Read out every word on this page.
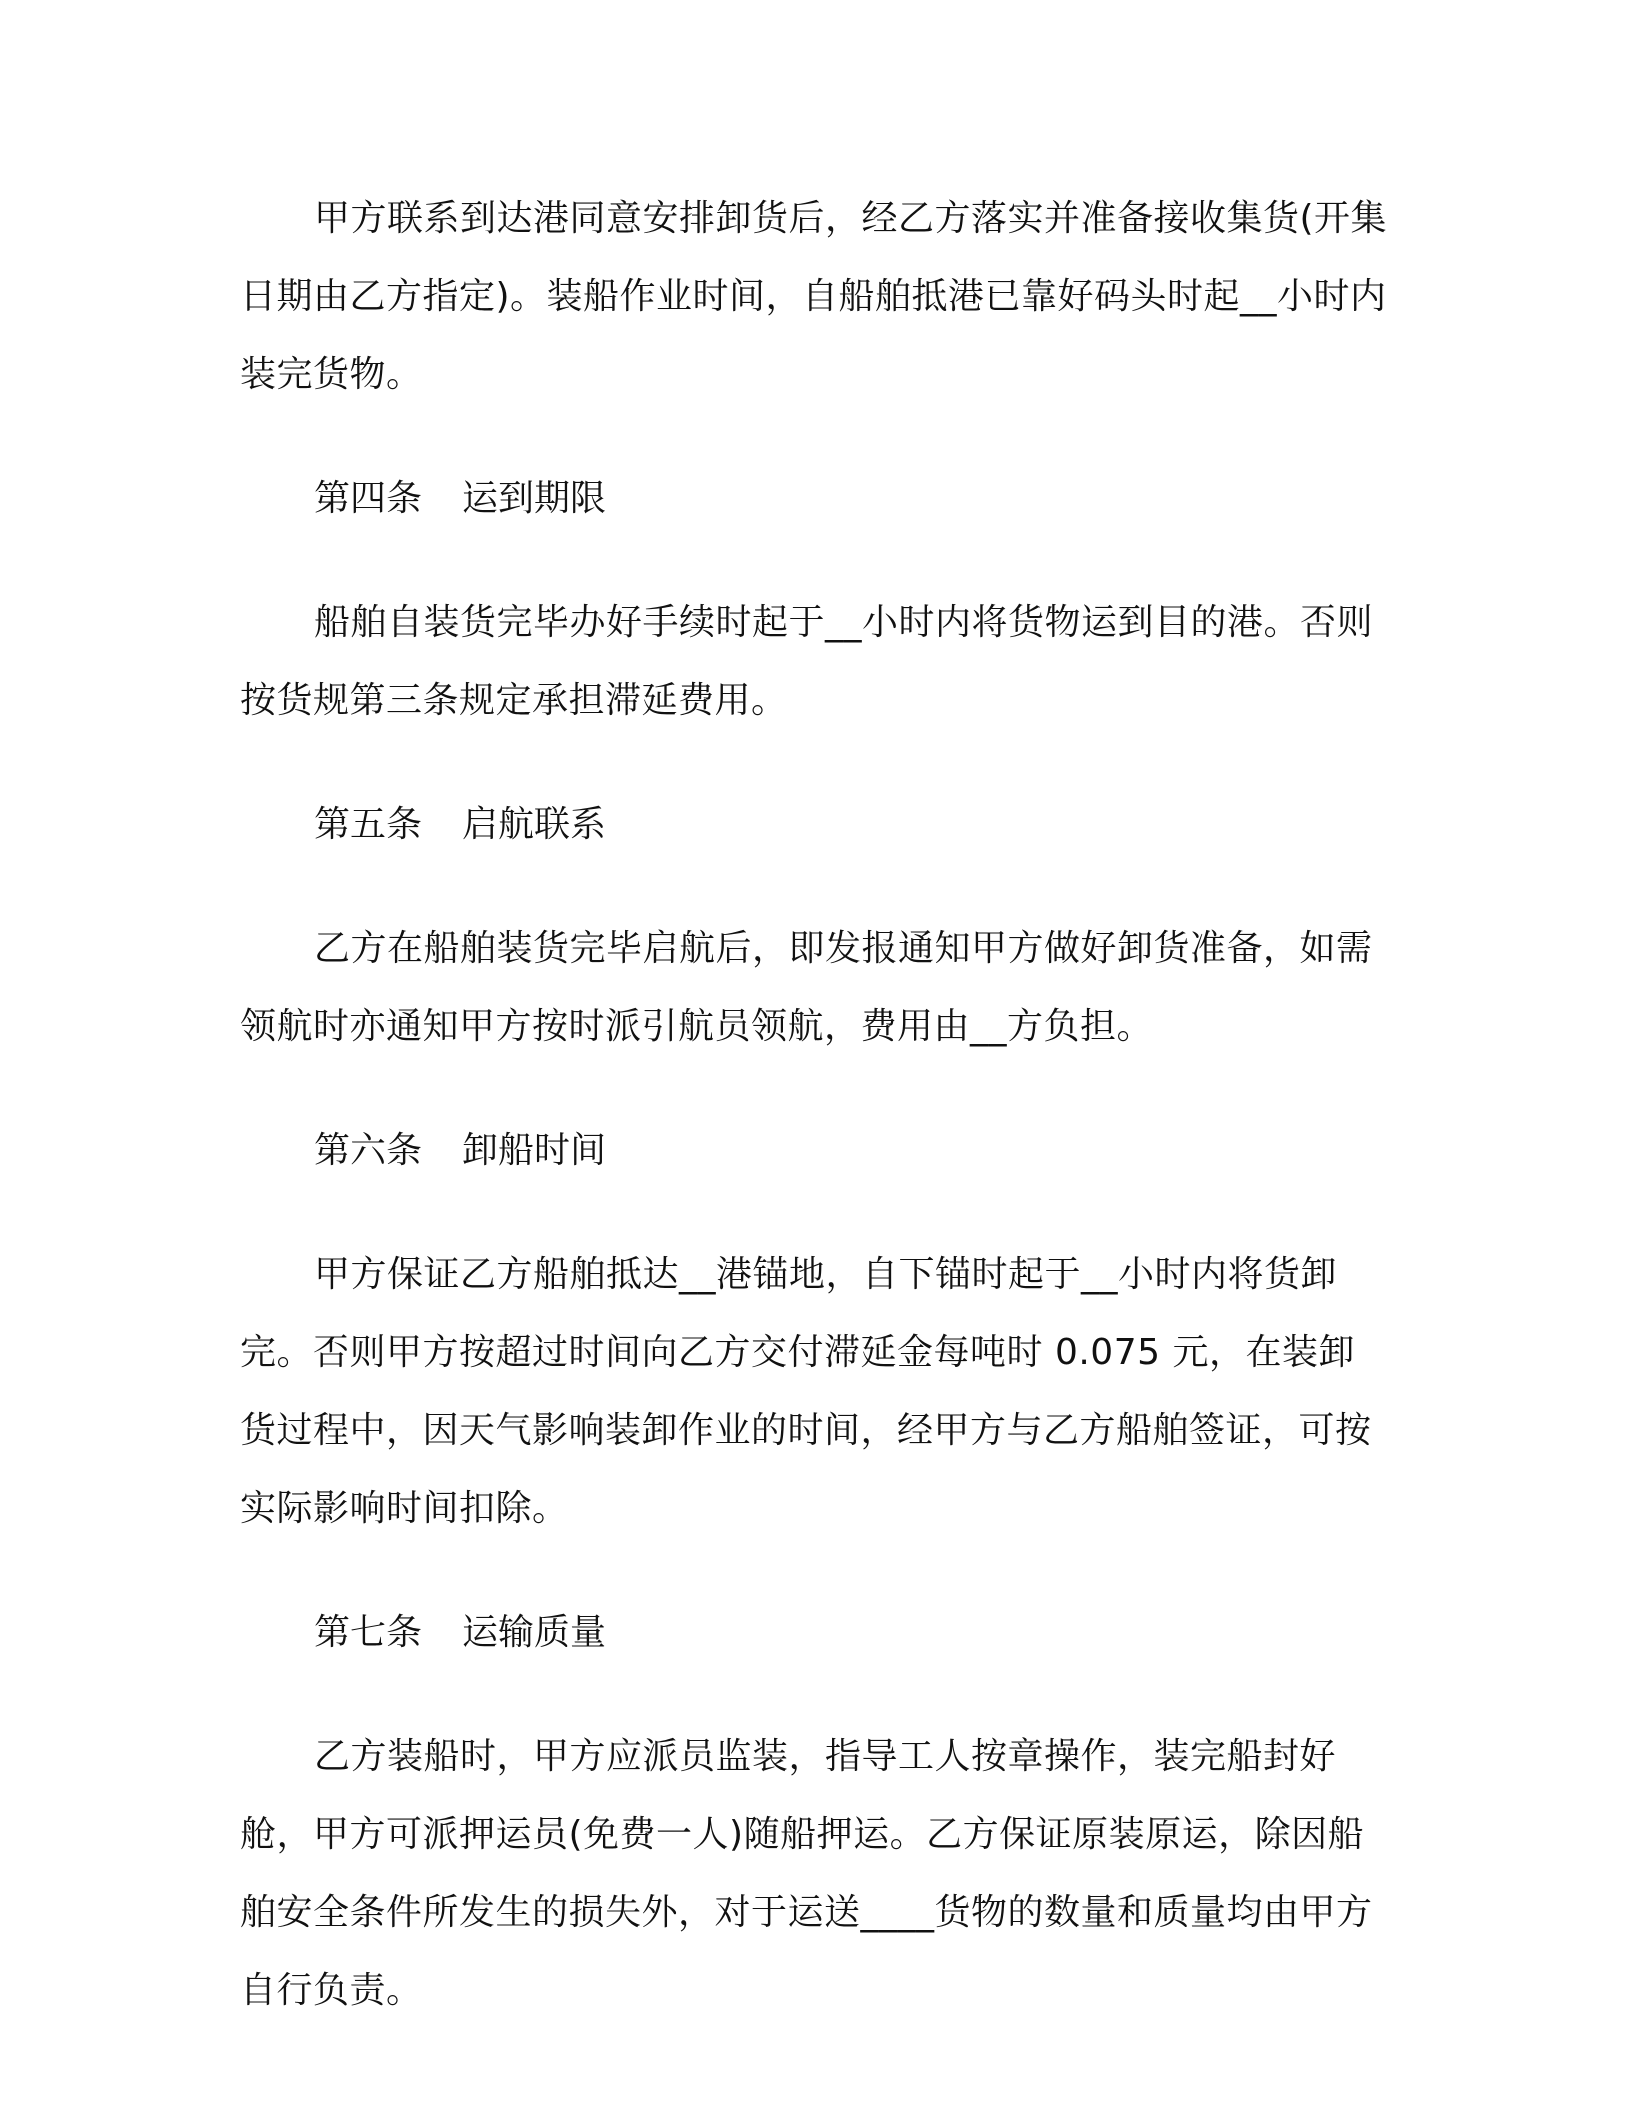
甲方联系到达港同意安排卸货后，经乙方落实并准备接收集货(开集日期由乙方指定)。装船作业时间，自船舶抵港已靠好码头时起__小时内装完货物。

第四条 运到期限

船舶自装货完毕办好手续时起于__小时内将货物运到目的港。否则按货规第三条规定承担滞延费用。

第五条 启航联系

乙方在船舶装货完毕启航后，即发报通知甲方做好卸货准备，如需领航时亦通知甲方按时派引航员领航，费用由__方负担。

第六条 卸船时间

甲方保证乙方船舶抵达__港锚地，自下锚时起于__小时内将货卸完。否则甲方按超过时间向乙方交付滞延金每吨时 0.075 元，在装卸货过程中，因天气影响装卸作业的时间，经甲方与乙方船舶签证，可按实际影响时间扣除。

第七条 运输质量

乙方装船时，甲方应派员监装，指导工人按章操作，装完船封好舱，甲方可派押运员(免费一人)随船押运。乙方保证原装原运，除因船舶安全条件所发生的损失外，对于运送____货物的数量和质量均由甲方自行负责。
